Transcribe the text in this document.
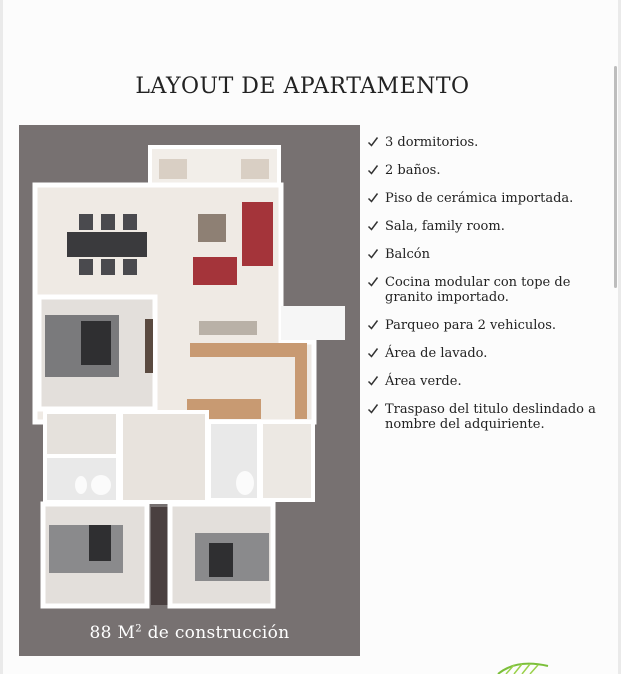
LAYOUT DE APARTAMENTO
88 $M^2$ de construcción
3 dormitorios.
2 baños.
Piso de cerámica importada.
Sala, family room.
Balcón
Cocina modular con tope de granito importado.
Parqueo para 2 vehiculos.
Área de lavado.
Área verde.
Traspaso del titulo deslindado a nombre del adquiriente.
